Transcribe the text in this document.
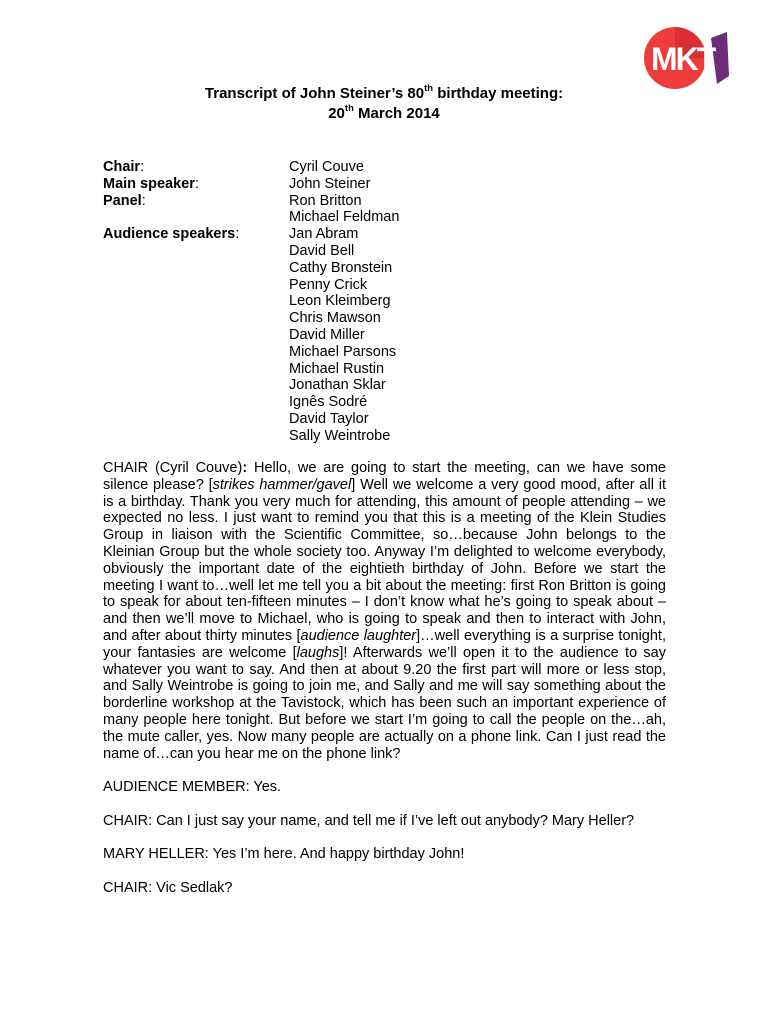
MKT
Transcript of John Steiner’s 80th birthday meeting:
20th March 2014
Chair:	Cyril Couve
Main speaker:	John Steiner
Panel:	Ron Britton
Michael Feldman
Audience speakers:	Jan Abram
David Bell
Cathy Bronstein
Penny Crick
Leon Kleimberg
Chris Mawson
David Miller
Michael Parsons
Michael Rustin
Jonathan Sklar
Ignês Sodré
David Taylor
Sally Weintrobe

CHAIR (Cyril Couve): Hello, we are going to start the meeting, can we have some silence please? [strikes hammer/gavel] Well we welcome a very good mood, after all it is a birthday. Thank you very much for attending, this amount of people attending – we expected no less. I just want to remind you that this is a meeting of the Klein Studies Group in liaison with the Scientific Committee, so…because John belongs to the Kleinian Group but the whole society too. Anyway I’m delighted to welcome everybody, obviously the important date of the eightieth birthday of John. Before we start the meeting I want to…well let me tell you a bit about the meeting: first Ron Britton is going to speak for about ten-fifteen minutes – I don’t know what he’s going to speak about – and then we’ll move to Michael, who is going to speak and then to interact with John, and after about thirty minutes [audience laughter]…well everything is a surprise tonight, your fantasies are welcome [laughs]! Afterwards we’ll open it to the audience to say whatever you want to say. And then at about 9.20 the first part will more or less stop, and Sally Weintrobe is going to join me, and Sally and me will say something about the borderline workshop at the Tavistock, which has been such an important experience of many people here tonight. But before we start I’m going to call the people on the…ah, the mute caller, yes. Now many people are actually on a phone link. Can I just read the name of…can you hear me on the phone link?

AUDIENCE MEMBER: Yes.

CHAIR: Can I just say your name, and tell me if I’ve left out anybody? Mary Heller?

MARY HELLER: Yes I’m here. And happy birthday John!

CHAIR: Vic Sedlak?
